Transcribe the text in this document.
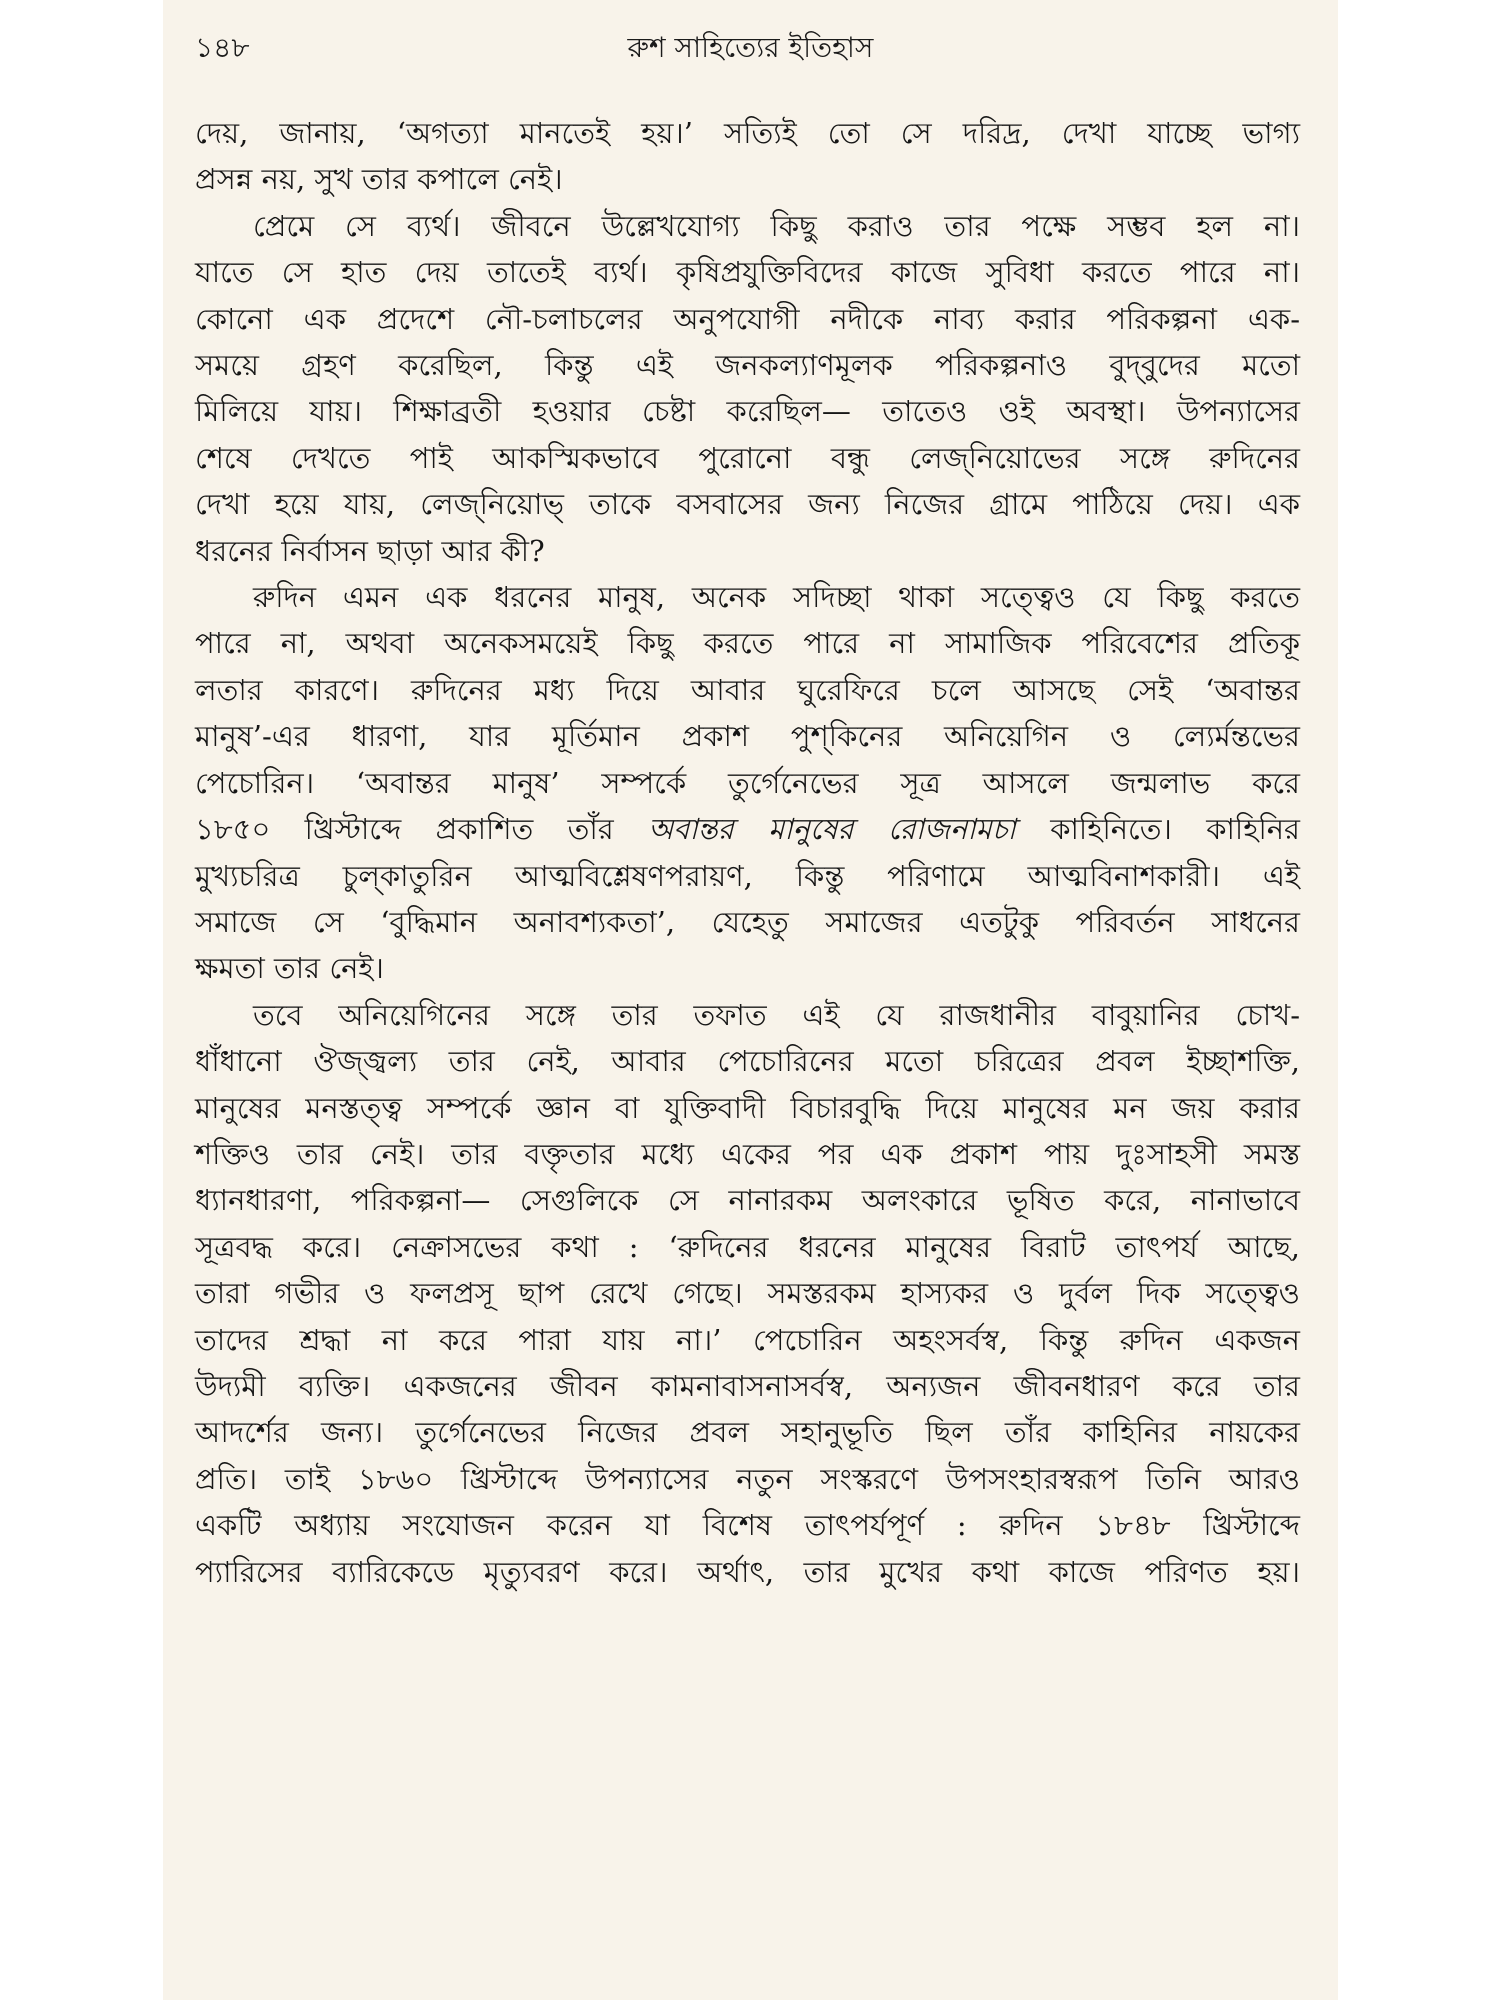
১৪৮	রুশ সাহিত্যের ইতিহাস

দেয়, জানায়, ‘অগত্যা মানতেই হয়।’ সত্যিই তো সে দরিদ্র, দেখা যাচ্ছে ভাগ্য

প্রসন্ন নয়, সুখ তার কপালে নেই।

প্রেমে সে ব্যর্থ। জীবনে উল্লেখযোগ্য কিছু করাও তার পক্ষে সম্ভব হল না।

যাতে সে হাত দেয় তাতেই ব্যর্থ। কৃষিপ্রযুক্তিবিদের কাজে সুবিধা করতে পারে না।

কোনো এক প্রদেশে নৌ-চলাচলের অনুপযোগী নদীকে নাব্য করার পরিকল্পনা এক-

সময়ে গ্রহণ করেছিল, কিন্তু এই জনকল্যাণমূলক পরিকল্পনাও বুদ্‌বুদের মতো

মিলিয়ে যায়। শিক্ষাব্রতী হওয়ার চেষ্টা করেছিল— তাতেও ওই অবস্থা। উপন্যাসের

শেষে দেখতে পাই আকস্মিকভাবে পুরোনো বন্ধু লেজ্‌নিয়োভের সঙ্গে রুদিনের

দেখা হয়ে যায়, লেজ্‌নিয়োভ্ তাকে বসবাসের জন্য নিজের গ্রামে পাঠিয়ে দেয়। এক

ধরনের নির্বাসন ছাড়া আর কী?

রুদিন এমন এক ধরনের মানুষ, অনেক সদিচ্ছা থাকা সত্ত্বেও যে কিছু করতে

পারে না, অথবা অনেকসময়েই কিছু করতে পারে না সামাজিক পরিবেশের প্রতিকূ

লতার কারণে। রুদিনের মধ্য দিয়ে আবার ঘুরেফিরে চলে আসছে সেই ‘অবান্তর

মানুষ’-এর ধারণা, যার মূর্তিমান প্রকাশ পুশ্‌কিনের অনিয়েগিন ও ল্যের্মন্তভের

পেচোরিন। ‘অবান্তর মানুষ’ সম্পর্কে তুর্গেনেভের সূত্র আসলে জন্মলাভ করে

১৮৫০ খ্রিস্টাব্দে প্রকাশিত তাঁর অবান্তর মানুষের রোজনামচা কাহিনিতে। কাহিনির

মুখ্যচরিত্র চুল্‌কাতুরিন আত্মবিশ্লেষণপরায়ণ, কিন্তু পরিণামে আত্মবিনাশকারী। এই

সমাজে সে ‘বুদ্ধিমান অনাবশ্যকতা’, যেহেতু সমাজের এতটুকু পরিবর্তন সাধনের

ক্ষমতা তার নেই।

তবে অনিয়েগিনের সঙ্গে তার তফাত এই যে রাজধানীর বাবুয়ানির চোখ-

ধাঁধানো ঔজ্জ্বল্য তার নেই, আবার পেচোরিনের মতো চরিত্রের প্রবল ইচ্ছাশক্তি,

মানুষের মনস্তত্ত্ব সম্পর্কে জ্ঞান বা যুক্তিবাদী বিচারবুদ্ধি দিয়ে মানুষের মন জয় করার

শক্তিও তার নেই। তার বক্তৃতার মধ্যে একের পর এক প্রকাশ পায় দুঃসাহসী সমস্ত

ধ্যানধারণা, পরিকল্পনা— সেগুলিকে সে নানারকম অলংকারে ভূষিত করে, নানাভাবে

সূত্রবদ্ধ করে। নেক্রাসভের কথা : ‘রুদিনের ধরনের মানুষের বিরাট তাৎপর্য আছে,

তারা গভীর ও ফলপ্রসূ ছাপ রেখে গেছে। সমস্তরকম হাস্যকর ও দুর্বল দিক সত্ত্বেও

তাদের শ্রদ্ধা না করে পারা যায় না।’ পেচোরিন অহংসর্বস্ব, কিন্তু রুদিন একজন

উদ্যমী ব্যক্তি। একজনের জীবন কামনাবাসনাসর্বস্ব, অন্যজন জীবনধারণ করে তার

আদর্শের জন্য। তুর্গেনেভের নিজের প্রবল সহানুভূতি ছিল তাঁর কাহিনির নায়কের

প্রতি। তাই ১৮৬০ খ্রিস্টাব্দে উপন্যাসের নতুন সংস্করণে উপসংহারস্বরূপ তিনি আরও

একটি অধ্যায় সংযোজন করেন যা বিশেষ তাৎপর্যপূর্ণ : রুদিন ১৮৪৮ খ্রিস্টাব্দে

প্যারিসের ব্যারিকেডে মৃত্যুবরণ করে। অর্থাৎ, তার মুখের কথা কাজে পরিণত হয়।
